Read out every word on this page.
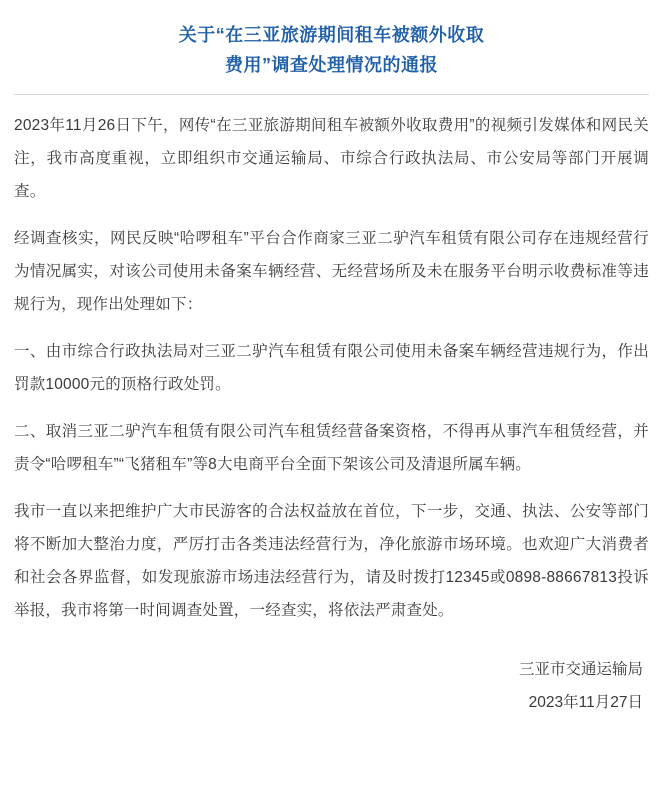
关于“在三亚旅游期间租车被额外收取
费用”调查处理情况的通报

2023年11月26日下午，网传“在三亚旅游期间租车被额外收取费用”的视频引发媒体和网民关注，我市高度重视，立即组织市交通运输局、市综合行政执法局、市公安局等部门开展调查。

经调查核实，网民反映“哈啰租车”平台合作商家三亚二驴汽车租赁有限公司存在违规经营行为情况属实，对该公司使用未备案车辆经营、无经营场所及未在服务平台明示收费标准等违规行为，现作出处理如下：

一、由市综合行政执法局对三亚二驴汽车租赁有限公司使用未备案车辆经营违规行为，作出罚款10000元的顶格行政处罚。

二、取消三亚二驴汽车租赁有限公司汽车租赁经营备案资格，不得再从事汽车租赁经营，并责令“哈啰租车”“飞猪租车”等8大电商平台全面下架该公司及清退所属车辆。

我市一直以来把维护广大市民游客的合法权益放在首位，下一步，交通、执法、公安等部门将不断加大整治力度，严厉打击各类违法经营行为，净化旅游市场环境。也欢迎广大消费者和社会各界监督，如发现旅游市场违法经营行为，请及时拨打12345或0898-88667813投诉举报，我市将第一时间调查处置，一经查实，将依法严肃查处。

三亚市交通运输局
2023年11月27日
